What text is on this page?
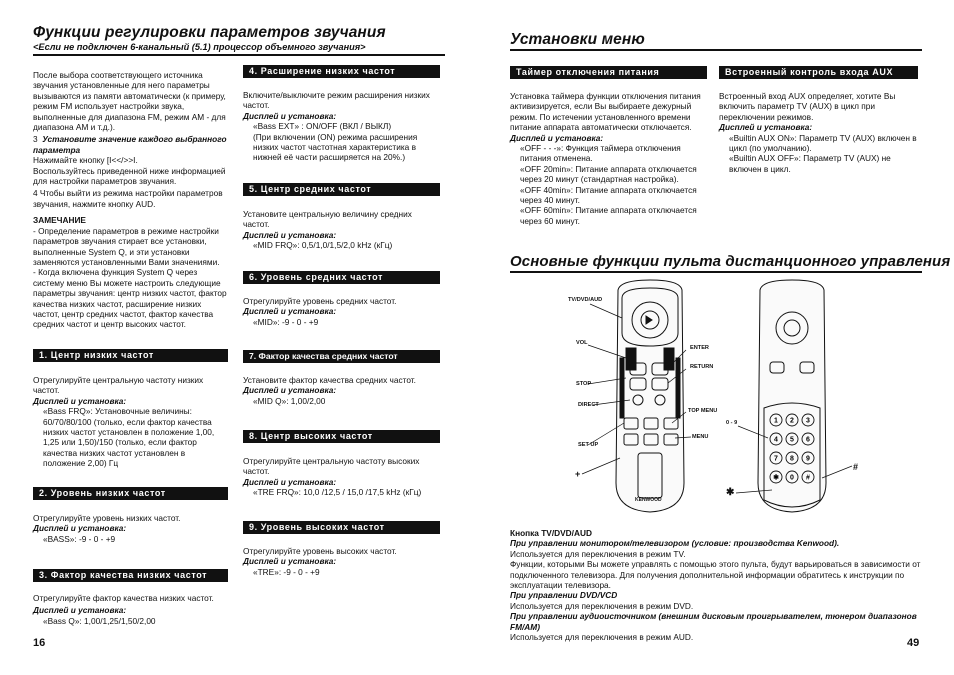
Функции регулировки параметров звучания
<Если не подключен 6-канальный (5.1) процессор объемного звучания>

После выбора соответствующего источника звучания установленные для него параметры вызываются из памяти автоматически (к примеру, режим FM использует настройки звука, выполненные для диапазона FM, режим AM - для диапазона AM и т.д.).

3 Установите значение каждого выбранного параметра

Нажимайте кнопку [I<</>>I.

Воспользуйтесь приведенной ниже информацией для настройки параметров звучания.

4 Чтобы выйти из режима настройки параметров звучания, нажмите кнопку AUD.

ЗАМЕЧАНИЕ

- Определение параметров в режиме настройки параметров звучания стирает все установки, выполненные System Q, и эти установки заменяются установленными Вами значениями.

- Когда включена функция System Q через систему меню Вы можете настроить следующие параметры звучания: центр низких частот, фактор качества низких частот, расширение низких частот, центр средних частот, фактор качества средних частот и центр высоких частот.

1. Центр низких частот

Отрегулируйте центральную частоту низких частот.

Дисплей и установка:

«Bass FRQ»: Установочные величины: 60/70/80/100 (только, если фактор качества низких частот установлен в положение 1,00, 1,25 или 1,50)/150 (только, если фактор качества низких частот установлен в положение 2,00) Гц

2. Уровень низких частот

Отрегулируйте уровень низких частот.

Дисплей и установка:

«BASS»: -9 - 0 - +9

3. Фактор качества низких частот

Отрегулируйте фактор качества низких частот.

Дисплей и установка:

«Bass Q»: 1,00/1,25/1,50/2,00

4. Расширение низких частот

Включите/выключите режим расширения низких частот.

Дисплей и установка:

«Bass EXT» : ON/OFF (ВКЛ / ВЫКЛ)

(При включении (ON) режима расширения низких частот частотная характеристика в нижней её части расширяется на 20%.)

5. Центр средних частот

Установите центральную величину средних частот.

Дисплей и установка:

«MID FRQ»: 0,5/1,0/1,5/2,0 kHz (кГц)

6. Уровень средних частот

Отрегулируйте уровень средних частот.

Дисплей и установка:

«MID»: -9 - 0 - +9

7. Фактор качества средних частот

Установите фактор качества средних частот.

Дисплей и установка:

«MID Q»: 1,00/2,00

8. Центр высоких частот

Отрегулируйте центральную частоту высоких частот.

Дисплей и установка:

«TRE FRQ»: 10,0 /12,5 / 15,0 /17,5 kHz (кГц)

9. Уровень высоких частот

Отрегулируйте уровень высоких частот.

Дисплей и установка:

«TRE»: -9 - 0 - +9

16
Установки меню
Таймер отключения питания

Установка таймера функции отключения питания активизируется, если Вы выбираете дежурный режим. По истечении установленного времени питание аппарата автоматически отключается.

Дисплей и установка:

«OFF - - -»: Функция таймера отключения питания отменена.

«OFF 20min»: Питание аппарата отключается через 20 минут (стандартная настройка).

«OFF 40min»: Питание аппарата отключается через 40 минут.

«OFF 60min»: Питание аппарата отключается через 60 минут.

Встроенный контроль входа AUX

Встроенный вход AUX определяет, хотите Вы включить параметр TV (AUX) в цикл при переключении режимов.

Дисплей и установка:

«Builtin AUX ON»: Параметр TV (AUX) включен в цикл (по умолчанию).

«Builtin AUX OFF»: Параметр TV (AUX) не включен в цикл.

Основные функции пульта дистанционного управления
1 2 3
4 5 6
7 8 9
✱ 0 #
TV/DVD/AUD
VOL
STOP
DIRECT
SET UP
+
ENTER
RETURN
TOP MENU
MENU
0 - 9
#
✱
KENWOOD

Кнопка TV/DVD/AUD

При управлении монитором/телевизором (условие: производства Kenwood).

Используется для переключения в режим TV.

Функции, которыми Вы можете управлять с помощью этого пульта, будут варьироваться в зависимости от подключенного телевизора. Для получения дополнительной информации обратитесь к инструкции по эксплуатации телевизора.

При управлении DVD/VCD

Используется для переключения в режим DVD.

При управлении аудиоисточником (внешним дисковым проигрывателем, тюнером диапазонов FM/AM)

Используется для переключения в режим AUD.	49
